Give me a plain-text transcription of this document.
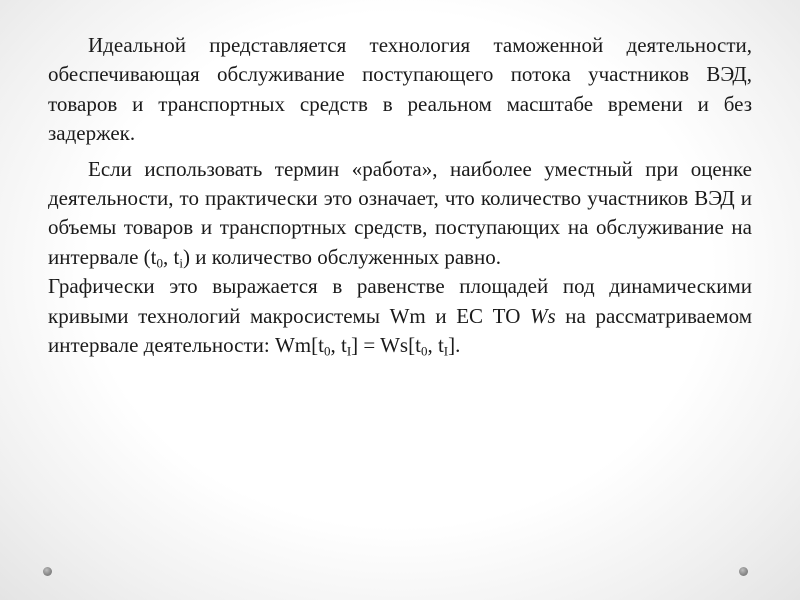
Идеальной представляется технология таможенной деятельности, обеспечивающая обслуживание поступающего потока участников ВЭД, товаров и транспортных средств в реальном масштабе времени и без задержек.

Если использовать термин «работа», наиболее уместный при оценке деятельности, то практически это означает, что количество участников ВЭД и объемы товаров и транспортных средств, поступающих на обслуживание на интервале ($t_0$, $t_i$) и количество обслуженных равно.

Графически это выражается в равенстве площадей под динамическими кривыми технологий макросистемы Wm и ЕС ТО Ws на рассматриваемом интервале деятельности: $Wm[t_0$, $t_I] = Ws[t_0$, $t_I$].
